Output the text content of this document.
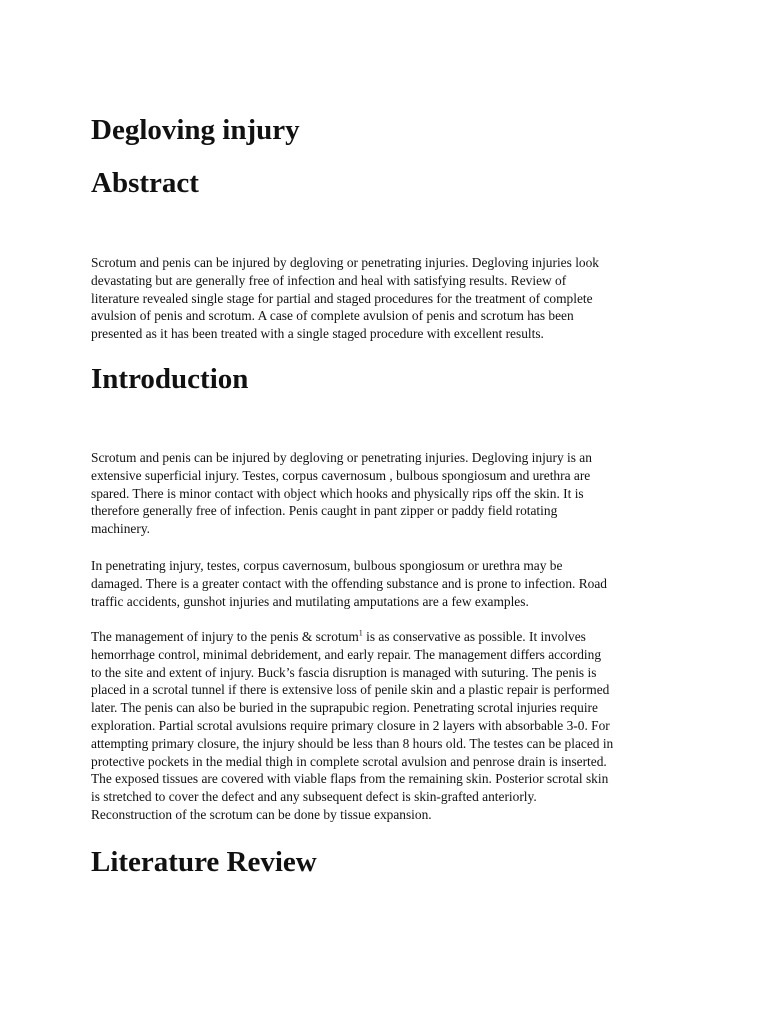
Degloving injury
Abstract

Scrotum and penis can be injured by degloving or penetrating injuries. Degloving injuries look
devastating but are generally free of infection and heal with satisfying results. Review of
literature revealed single stage for partial and staged procedures for the treatment of complete
avulsion of penis and scrotum. A case of complete avulsion of penis and scrotum has been
presented as it has been treated with a single staged procedure with excellent results.

Introduction

Scrotum and penis can be injured by degloving or penetrating injuries. Degloving injury is an
extensive superficial injury. Testes, corpus cavernosum , bulbous spongiosum and urethra are
spared. There is minor contact with object which hooks and physically rips off the skin. It is
therefore generally free of infection. Penis caught in pant zipper or paddy field rotating
machinery.

In penetrating injury, testes, corpus cavernosum, bulbous spongiosum or urethra may be
damaged. There is a greater contact with the offending substance and is prone to infection. Road
traffic accidents, gunshot injuries and mutilating amputations are a few examples.

The management of injury to the penis & scrotum$^1$ is as conservative as possible. It involves
hemorrhage control, minimal debridement, and early repair. The management differs according
to the site and extent of injury. Buck’s fascia disruption is managed with suturing. The penis is
placed in a scrotal tunnel if there is extensive loss of penile skin and a plastic repair is performed
later. The penis can also be buried in the suprapubic region. Penetrating scrotal injuries require
exploration. Partial scrotal avulsions require primary closure in 2 layers with absorbable 3-0. For
attempting primary closure, the injury should be less than 8 hours old. The testes can be placed in
protective pockets in the medial thigh in complete scrotal avulsion and penrose drain is inserted.
The exposed tissues are covered with viable flaps from the remaining skin. Posterior scrotal skin
is stretched to cover the defect and any subsequent defect is skin-grafted anteriorly.
Reconstruction of the scrotum can be done by tissue expansion.

Literature Review
